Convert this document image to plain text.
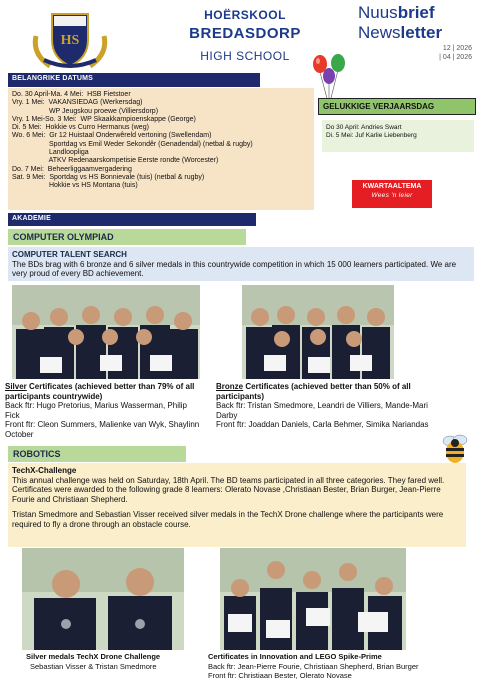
HS
HOËRSKOOL
BREDASDORP
HIGH SCHOOL
Nuusbrief
Newsletter
12 | 2026
| 04 | 2026
BELANGRIKE DATUMS
Do. 30 April-Ma. 4 Mei:  HSB Fietstoer
Vry. 1 Mei:  VAKANSIEDAG (Werkersdag)
WP Jeugskou proewe (Villiersdorp)
Vry. 1 Mei-So. 3 Mei:  WP Skaakkampioenskappe (George)
Di. 5 Mei:  Hokkie vs Curro Hermanus (weg)
Wo. 6 Mei:  Gr 12 Huistaal Onderwêreld vertoning (Swellendam)
Sportdag vs Emil Weder Sekondêr (Genadendal) (netbal & rugby)
Landloopliga
ATKV Redenaarskompetisie Eerste rondte (Worcester)
Do. 7 Mei:  Beheerliggaamvergadering
Sat. 9 Mei:  Sportdag vs HS Bonnievale (tuis) (netbal & rugby)
Hokkie vs HS Montana (tuis)
GELUKKIGE VERJAARSDAG
Do 30 April: Andries Swart
Di. 5 Mei: Juf Karlie Liebenberg
KWARTAALTEMA
Wees 'n leier
AKADEMIE
COMPUTER OLYMPIAD
COMPUTER TALENT SEARCH
The BDs brag with 6 bronze and 6 silver medals in this countrywide competition in which 15 000 learners participated. We are very proud of every BD achievement.
Silver Certificates (achieved better than 79% of all participants countrywide)
Back ftr: Hugo Pretorius, Marius Wasserman, Philip Fick
Front ftr: Cleon Summers, Malienke van Wyk, Shaylinn October
Bronze Certificates (achieved better than 50% of all participants)
Back ftr: Tristan Smedmore, Leandri de Villiers, Mande-Mari Darby
Front ftr: Joaddan Daniels, Carla Behmer, Simika Nariandas
ROBOTICS
TechX-Challenge
This annual challenge was held on Saturday, 18th April. The BD teams participated in all three categories. They fared well. Certificates were awarded to the following grade 8 learners: Olerato Novase ,Christiaan Bester, Brian Burger, Jean-Pierre Fourie and Christiaan Shepherd.
Tristan Smedmore and Sebastian Visser received silver medals in the TechX Drone challenge where the participants were required to fly a drone through an obstacle course.
Silver medals TechX Drone Challenge
Sebastian Visser & Tristan Smedmore
Certificates in Innovation and LEGO Spike-Prime
Back ftr: Jean-Pierre Fourie, Christiaan Shepherd, Brian Burger
Front ftr: Christiaan Bester, Olerato Novase
